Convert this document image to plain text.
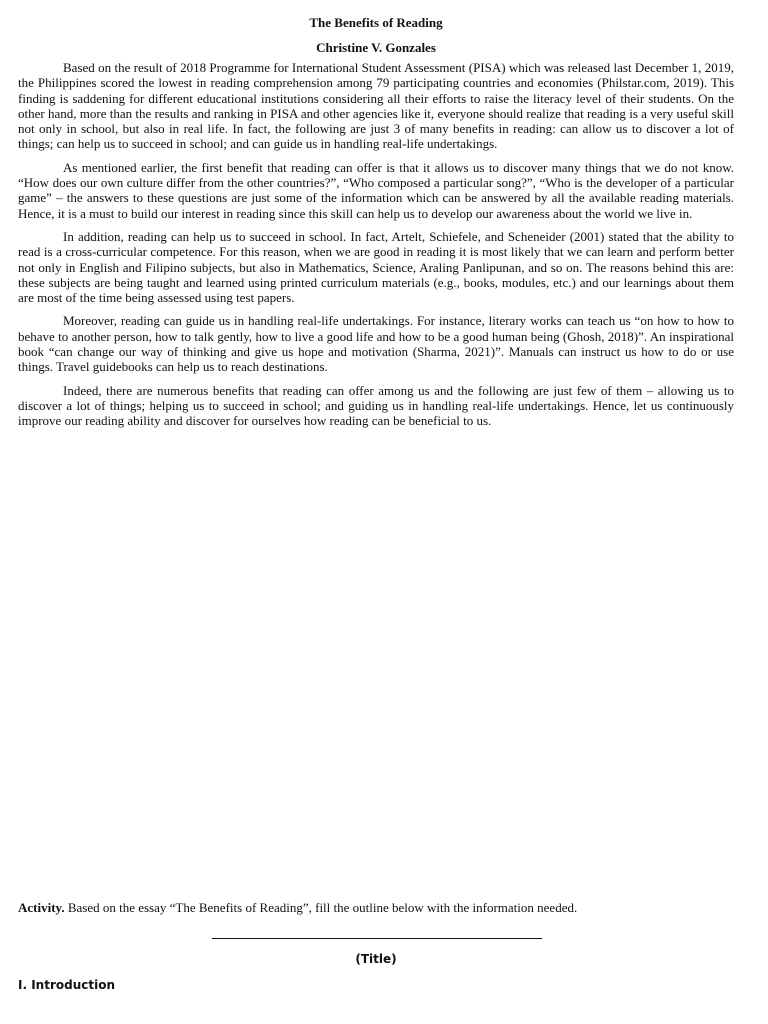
The Benefits of Reading

Christine V. Gonzales

Based on the result of 2018 Programme for International Student Assessment (PISA) which was released last December 1, 2019, the Philippines scored the lowest in reading comprehension among 79 participating countries and economies (Philstar.com, 2019). This finding is saddening for different educational institutions considering all their efforts to raise the literacy level of their students. On the other hand, more than the results and ranking in PISA and other agencies like it, everyone should realize that reading is a very useful skill not only in school, but also in real life. In fact, the following are just 3 of many benefits in reading: can allow us to discover a lot of things; can help us to succeed in school; and can guide us in handling real-life undertakings.

As mentioned earlier, the first benefit that reading can offer is that it allows us to discover many things that we do not know. “How does our own culture differ from the other countries?”, “Who composed a particular song?”, “Who is the developer of a particular game” – the answers to these questions are just some of the information which can be answered by all the available reading materials. Hence, it is a must to build our interest in reading since this skill can help us to develop our awareness about the world we live in.

In addition, reading can help us to succeed in school. In fact, Artelt, Schiefele, and Scheneider (2001) stated that the ability to read is a cross-curricular competence. For this reason, when we are good in reading it is most likely that we can learn and perform better not only in English and Filipino subjects, but also in Mathematics, Science, Araling Panlipunan, and so on. The reasons behind this are: these subjects are being taught and learned using printed curriculum materials (e.g., books, modules, etc.) and our learnings about them are most of the time being assessed using test papers.

Moreover, reading can guide us in handling real-life undertakings. For instance, literary works can teach us “on how to how to behave to another person, how to talk gently, how to live a good life and how to be a good human being (Ghosh, 2018)”. An inspirational book “can change our way of thinking and give us hope and motivation (Sharma, 2021)”. Manuals can instruct us how to do or use things. Travel guidebooks can help us to reach destinations.

Indeed, there are numerous benefits that reading can offer among us and the following are just few of them – allowing us to discover a lot of things; helping us to succeed in school; and guiding us in handling real-life undertakings. Hence, let us continuously improve our reading ability and discover for ourselves how reading can be beneficial to us.

Activity. Based on the essay “The Benefits of Reading”, fill the outline below with the information needed.

(Title)
I. Introduction
